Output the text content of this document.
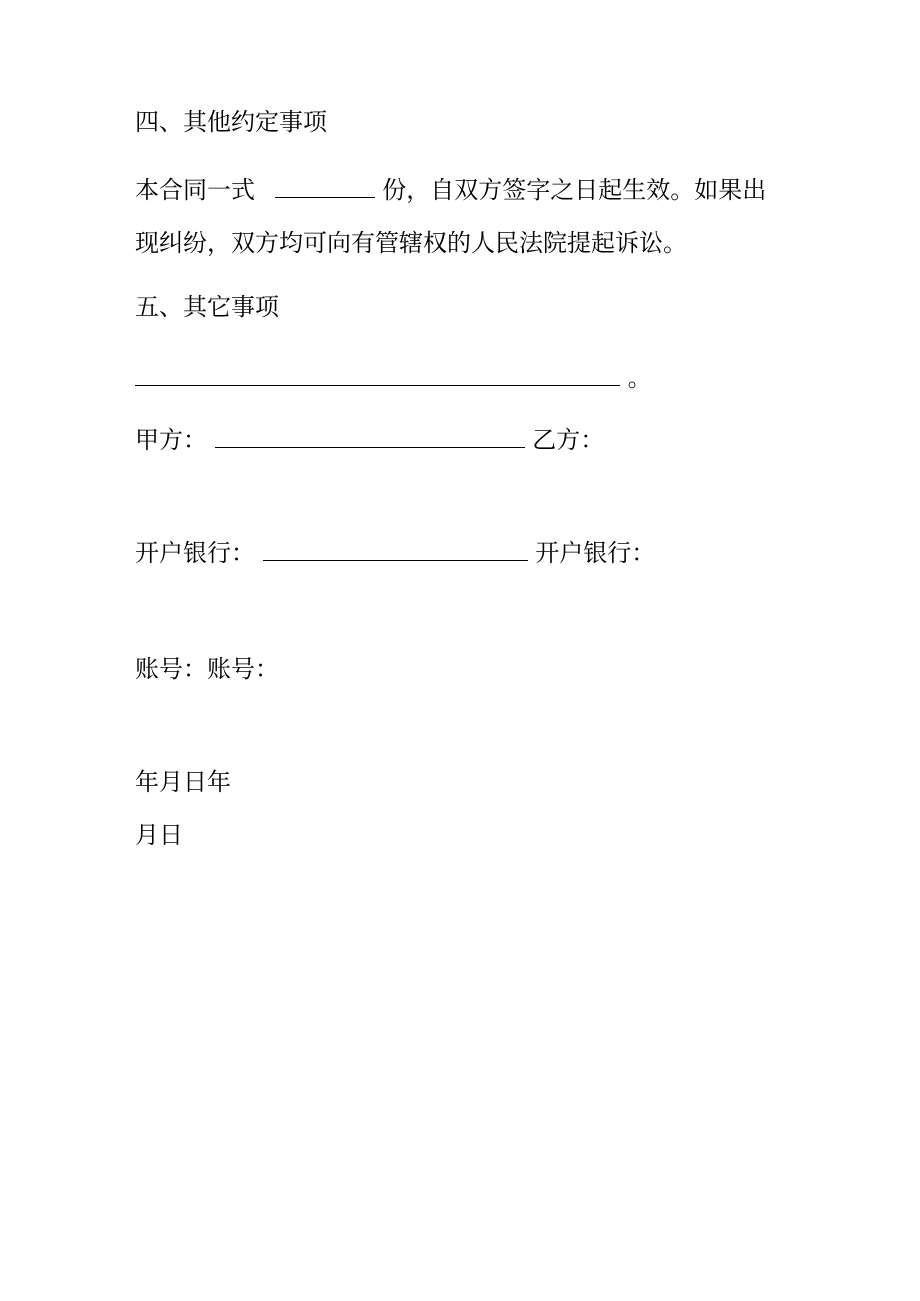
四、其他约定事项
本合同一式	份，自双方签字之日起生效。如果出
现纠纷，双方均可向有管辖权的人民法院提起诉讼。
五、其它事项
。
甲方：	乙方：
开户银行：	开户银行：
账号：账号：
年月日年
月日
